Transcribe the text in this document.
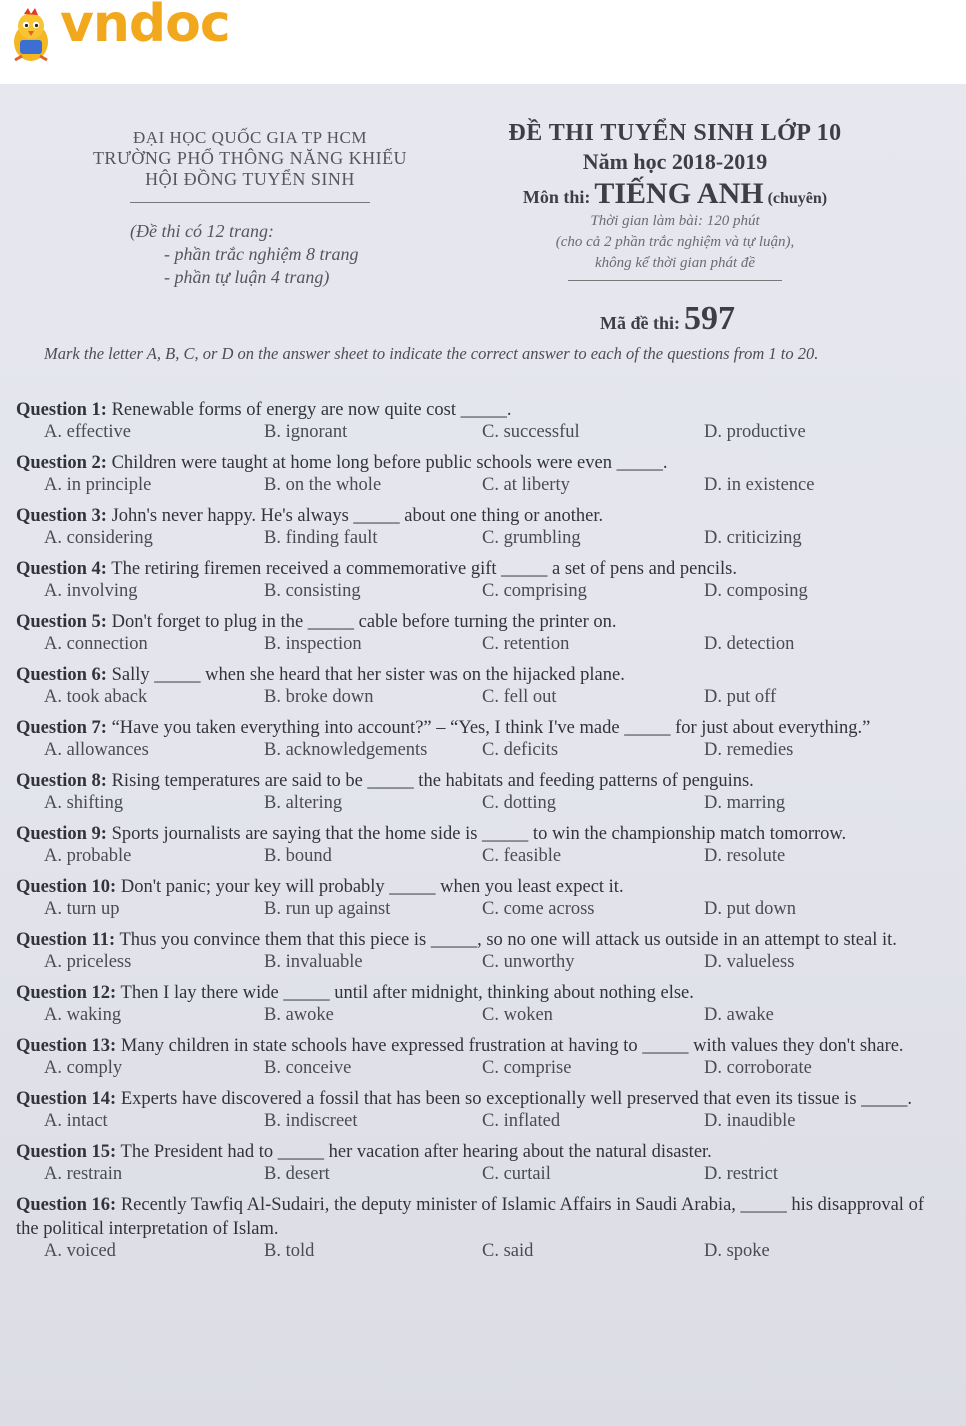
vndoc
ĐẠI HỌC QUỐC GIA TP HCM
TRƯỜNG PHỔ THÔNG NĂNG KHIẾU
HỘI ĐỒNG TUYỂN SINH
(Đề thi có 12 trang:
- phần trắc nghiệm 8 trang
- phần tự luận 4 trang)
ĐỀ THI TUYỂN SINH LỚP 10
Năm học 2018-2019
Môn thi: TIẾNG ANH (chuyên)
Thời gian làm bài: 120 phút
(cho cả 2 phần trắc nghiệm và tự luận),
không kể thời gian phát đề
Mã đề thi: 597
Mark the letter A, B, C, or D on the answer sheet to indicate the correct answer to each of the questions from 1 to 20.
Question 1: Renewable forms of energy are now quite cost _____.
A. effective	B. ignorant	C. successful	D. productive
Question 2: Children were taught at home long before public schools were even _____.
A. in principle	B. on the whole	C. at liberty	D. in existence
Question 3: John's never happy. He's always _____ about one thing or another.
A. considering	B. finding fault	C. grumbling	D. criticizing
Question 4: The retiring firemen received a commemorative gift _____ a set of pens and pencils.
A. involving	B. consisting	C. comprising	D. composing
Question 5: Don't forget to plug in the _____ cable before turning the printer on.
A. connection	B. inspection	C. retention	D. detection
Question 6: Sally _____ when she heard that her sister was on the hijacked plane.
A. took aback	B. broke down	C. fell out	D. put off
Question 7: “Have you taken everything into account?” – “Yes, I think I've made _____ for just about everything.”
A. allowances	B. acknowledgements	C. deficits	D. remedies
Question 8: Rising temperatures are said to be _____ the habitats and feeding patterns of penguins.
A. shifting	B. altering	C. dotting	D. marring
Question 9: Sports journalists are saying that the home side is _____ to win the championship match tomorrow.
A. probable	B. bound	C. feasible	D. resolute
Question 10: Don't panic; your key will probably _____ when you least expect it.
A. turn up	B. run up against	C. come across	D. put down
Question 11: Thus you convince them that this piece is _____, so no one will attack us outside in an attempt to steal it.
A. priceless	B. invaluable	C. unworthy	D. valueless
Question 12: Then I lay there wide _____ until after midnight, thinking about nothing else.
A. waking	B. awoke	C. woken	D. awake
Question 13: Many children in state schools have expressed frustration at having to _____ with values they don't share.
A. comply	B. conceive	C. comprise	D. corroborate
Question 14: Experts have discovered a fossil that has been so exceptionally well preserved that even its tissue is _____.
A. intact	B. indiscreet	C. inflated	D. inaudible
Question 15: The President had to _____ her vacation after hearing about the natural disaster.
A. restrain	B. desert	C. curtail	D. restrict
Question 16: Recently Tawfiq Al-Sudairi, the deputy minister of Islamic Affairs in Saudi Arabia, _____ his disapproval of the political interpretation of Islam.
A. voiced	B. told	C. said	D. spoke
